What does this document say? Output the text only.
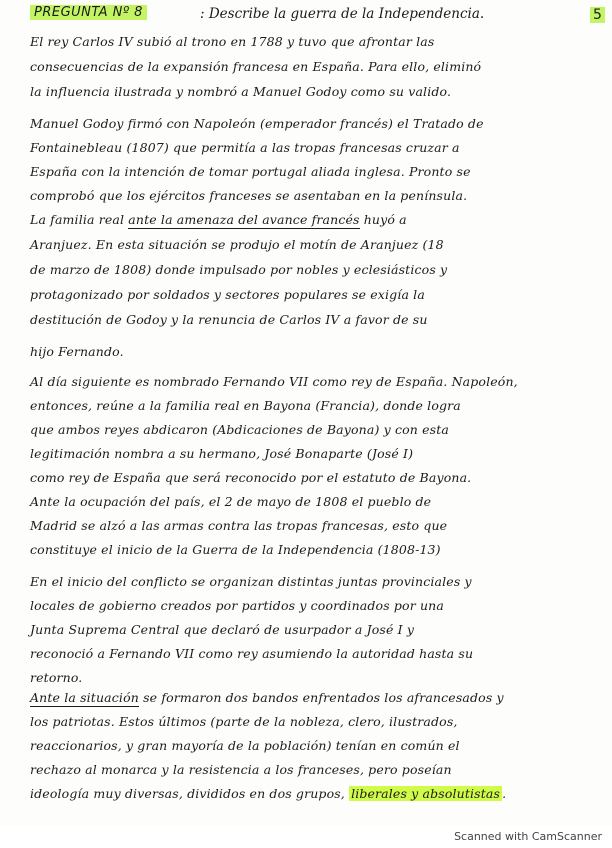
PREGUNTA Nº 8	: Describe la guerra de la Independencia.	5
El rey Carlos IV subió al trono en 1788 y tuvo que afrontar las
consecuencias de la expansión francesa en España. Para ello, eliminó
la influencia ilustrada y nombró a Manuel Godoy como su valido.
Manuel Godoy firmó con Napoleón (emperador francés) el Tratado de
Fontainebleau (1807) que permitía a las tropas francesas cruzar a
España con la intención de tomar portugal aliada inglesa. Pronto se
comprobó que los ejércitos franceses se asentaban en la península.
La familia real ante la amenaza del avance francés huyó a
Aranjuez. En esta situación se produjo el motín de Aranjuez (18
de marzo de 1808) donde impulsado por nobles y eclesiásticos y
protagonizado por soldados y sectores populares se exigía la
destitución de Godoy y la renuncia de Carlos IV a favor de su
hijo Fernando.
Al día siguiente es nombrado Fernando VII como rey de España. Napoleón,
entonces, reúne a la familia real en Bayona (Francia), donde logra
que ambos reyes abdicaron (Abdicaciones de Bayona) y con esta
legitimación nombra a su hermano, José Bonaparte (José I)
como rey de España que será reconocido por el estatuto de Bayona.
Ante la ocupación del país, el 2 de mayo de 1808 el pueblo de
Madrid se alzó a las armas contra las tropas francesas, esto que
constituye el inicio de la Guerra de la Independencia (1808-13)
En el inicio del conflicto se organizan distintas juntas provinciales y
locales de gobierno creados por partidos y coordinados por una
Junta Suprema Central que declaró de usurpador a José I y
reconoció a Fernando VII como rey asumiendo la autoridad hasta su
retorno.
Ante la situación se formaron dos bandos enfrentados los afrancesados y
los patriotas. Estos últimos (parte de la nobleza, clero, ilustrados,
reaccionarios, y gran mayoría de la población) tenían en común el
rechazo al monarca y la resistencia a los franceses, pero poseían
ideología muy diversas, divididos en dos grupos, liberales y absolutistas .
Scanned with CamScanner
